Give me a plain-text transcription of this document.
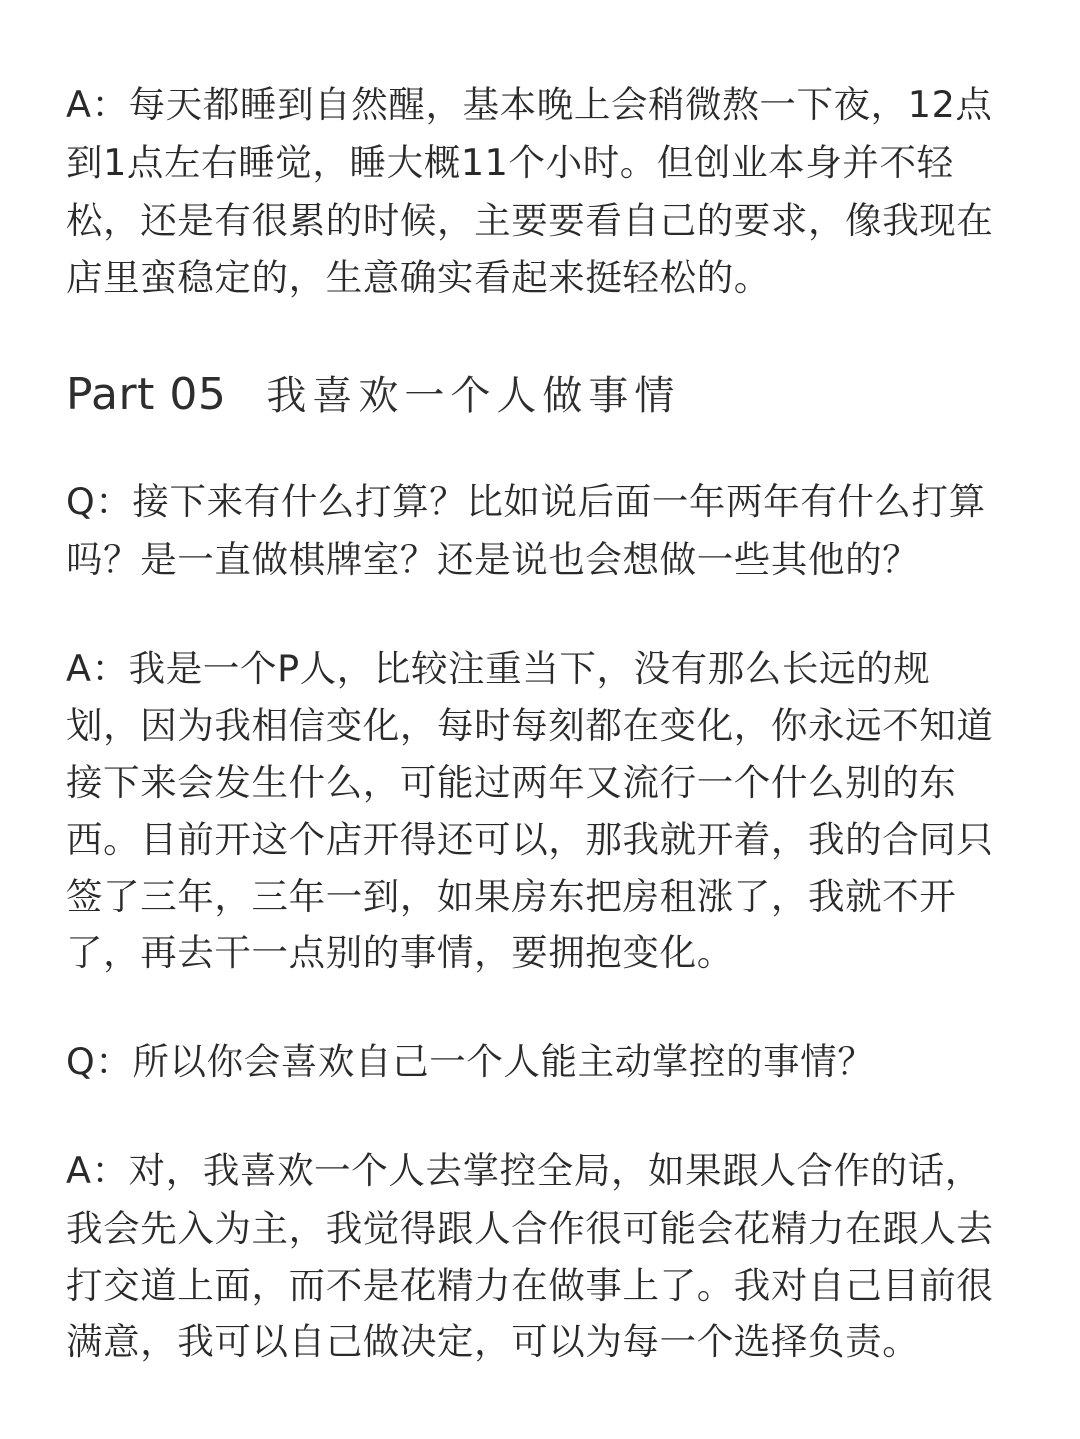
A：每天都睡到自然醒，基本晚上会稍微熬一下夜，12点

到1点左右睡觉，睡大概11个小时。但创业本身并不轻

松，还是有很累的时候，主要要看自己的要求，像我现在

店里蛮稳定的，生意确实看起来挺轻松的。

Part 05 我喜欢一个人做事情

Q：接下来有什么打算？比如说后面一年两年有什么打算

吗？是一直做棋牌室？还是说也会想做一些其他的？

A：我是一个P人，比较注重当下，没有那么长远的规

划，因为我相信变化，每时每刻都在变化，你永远不知道

接下来会发生什么，可能过两年又流行一个什么别的东

西。目前开这个店开得还可以，那我就开着，我的合同只

签了三年，三年一到，如果房东把房租涨了，我就不开

了，再去干一点别的事情，要拥抱变化。

Q：所以你会喜欢自己一个人能主动掌控的事情？

A：对，我喜欢一个人去掌控全局，如果跟人合作的话，

我会先入为主，我觉得跟人合作很可能会花精力在跟人去

打交道上面，而不是花精力在做事上了。我对自己目前很

满意，我可以自己做决定，可以为每一个选择负责。
